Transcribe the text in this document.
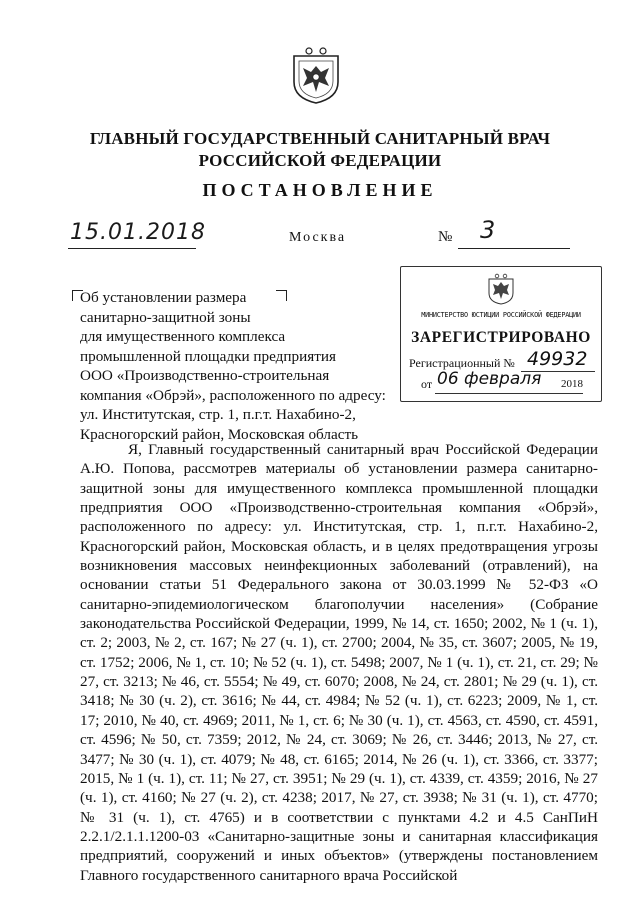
ГЛАВНЫЙ ГОСУДАРСТВЕННЫЙ САНИТАРНЫЙ ВРАЧ
РОССИЙСКОЙ ФЕДЕРАЦИИ
ПОСТАНОВЛЕНИЕ
15.01.2018	Москва	№ 3
МИНИСТЕРСТВО ЮСТИЦИИ РОССИЙСКОЙ ФЕДЕРАЦИИ
ЗАРЕГИСТРИРОВАНО
Регистрационный № 49932
от 06 февраля 2018
Об установлении размера
санитарно-защитной зоны
для имущественного комплекса
промышленной площадки предприятия
ООО «Производственно-строительная
компания «Обрэй», расположенного по адресу:
ул. Институтская, стр. 1, п.г.т. Нахабино-2,
Красногорский район, Московская область

Я, Главный государственный санитарный врач Российской Федерации А.Ю. Попова, рассмотрев материалы об установлении размера санитарно-защитной зоны для имущественного комплекса промышленной площадки предприятия ООО «Производственно-строительная компания «Обрэй», расположенного по адресу: ул. Институтская, стр. 1, п.г.т. Нахабино-2, Красногорский район, Московская область, и в целях предотвращения угрозы возникновения массовых неинфекционных заболеваний (отравлений), на основании статьи 51 Федерального закона от 30.03.1999 № 52-ФЗ «О санитарно-эпидемиологическом благополучии населения» (Собрание законодательства Российской Федерации, 1999, № 14, ст. 1650; 2002, № 1 (ч. 1), ст. 2; 2003, № 2, ст. 167; № 27 (ч. 1), ст. 2700; 2004, № 35, ст. 3607; 2005, № 19, ст. 1752; 2006, № 1, ст. 10; № 52 (ч. 1), ст. 5498; 2007, № 1 (ч. 1), ст. 21, ст. 29; № 27, ст. 3213; № 46, ст. 5554; № 49, ст. 6070; 2008, № 24, ст. 2801; № 29 (ч. 1), ст. 3418; № 30 (ч. 2), ст. 3616; № 44, ст. 4984; № 52 (ч. 1), ст. 6223; 2009, № 1, ст. 17; 2010, № 40, ст. 4969; 2011, № 1, ст. 6; № 30 (ч. 1), ст. 4563, ст. 4590, ст. 4591, ст. 4596; № 50, ст. 7359; 2012, № 24, ст. 3069; № 26, ст. 3446; 2013, № 27, ст. 3477; № 30 (ч. 1), ст. 4079; № 48, ст. 6165; 2014, № 26 (ч. 1), ст. 3366, ст. 3377; 2015, № 1 (ч. 1), ст. 11; № 27, ст. 3951; № 29 (ч. 1), ст. 4339, ст. 4359; 2016, № 27 (ч. 1), ст. 4160; № 27 (ч. 2), ст. 4238; 2017, № 27, ст. 3938; № 31 (ч. 1), ст. 4770; № 31 (ч. 1), ст. 4765) и в соответствии с пунктами 4.2 и 4.5 СанПиН 2.2.1/2.1.1.1200-03 «Санитарно-защитные зоны и санитарная классификация предприятий, сооружений и иных объектов» (утверждены постановлением Главного государственного санитарного врача Российской
